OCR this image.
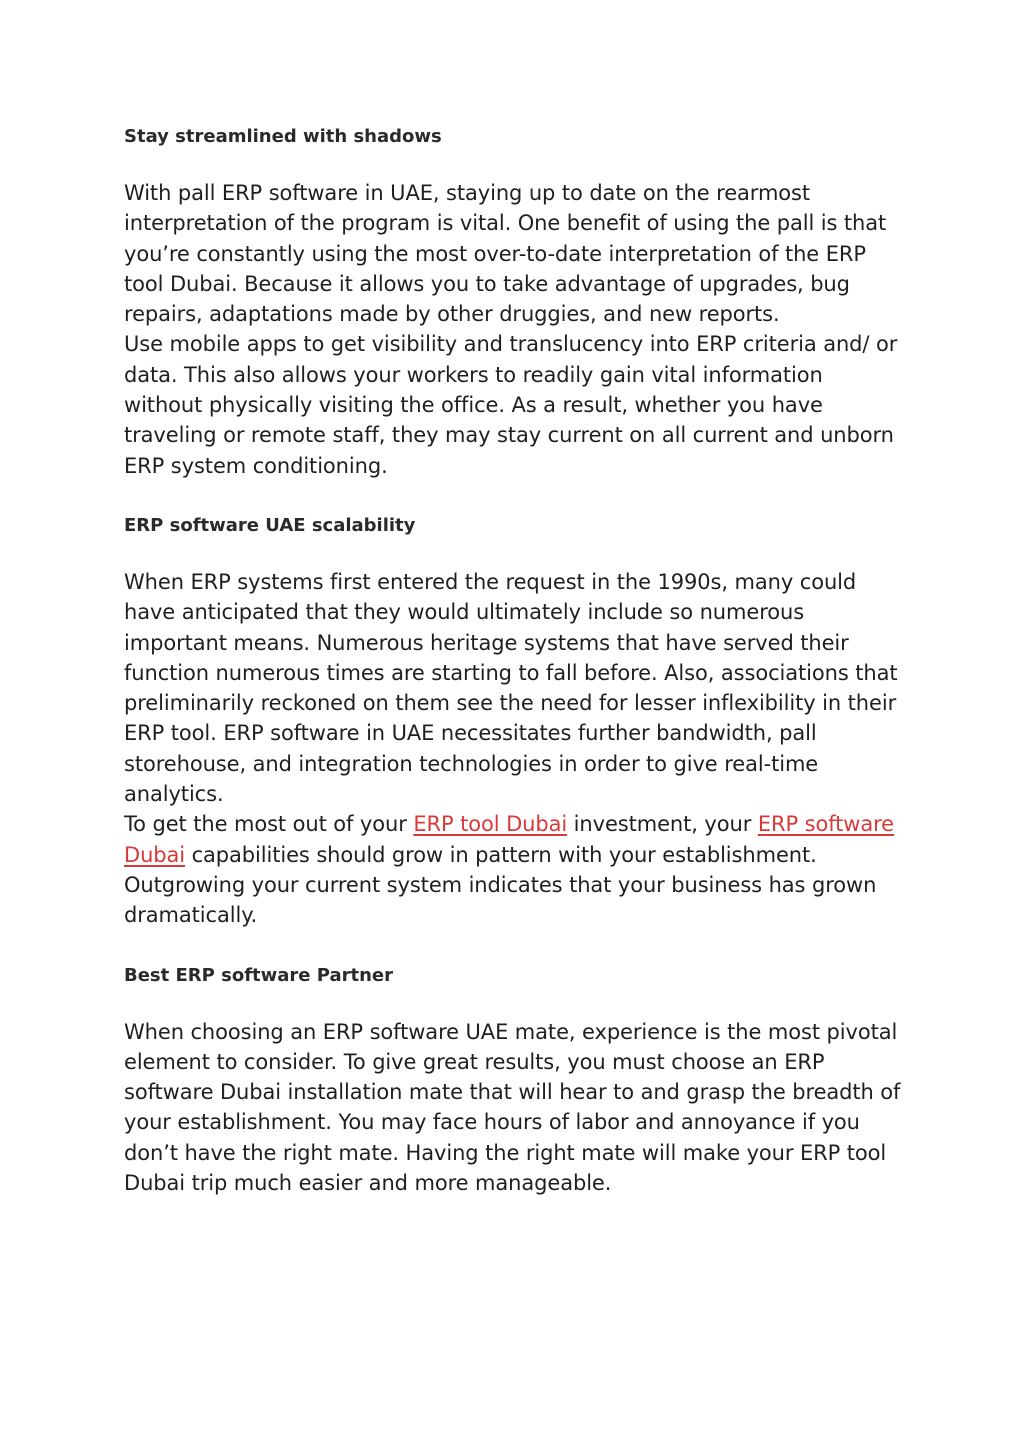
Stay streamlined with shadows

With pall ERP software in UAE, staying up to date on the rearmost interpretation of the program is vital. One benefit of using the pall is that you’re constantly using the most over-to-date interpretation of the ERP tool Dubai. Because it allows you to take advantage of upgrades, bug repairs, adaptations made by other druggies, and new reports.

Use mobile apps to get visibility and translucency into ERP criteria and/ or data. This also allows your workers to readily gain vital information without physically visiting the office. As a result, whether you have traveling or remote staff, they may stay current on all current and unborn ERP system conditioning.

ERP software UAE scalability

When ERP systems first entered the request in the 1990s, many could have anticipated that they would ultimately include so numerous important means. Numerous heritage systems that have served their function numerous times are starting to fall before. Also, associations that preliminarily reckoned on them see the need for lesser inflexibility in their ERP tool. ERP software in UAE necessitates further bandwidth, pall storehouse, and integration technologies in order to give real-time analytics.

To get the most out of your ERP tool Dubai investment, your ERP software Dubai capabilities should grow in pattern with your establishment. Outgrowing your current system indicates that your business has grown dramatically.

Best ERP software Partner

When choosing an ERP software UAE mate, experience is the most pivotal element to consider. To give great results, you must choose an ERP software Dubai installation mate that will hear to and grasp the breadth of your establishment. You may face hours of labor and annoyance if you don’t have the right mate. Having the right mate will make your ERP tool Dubai trip much easier and more manageable.
